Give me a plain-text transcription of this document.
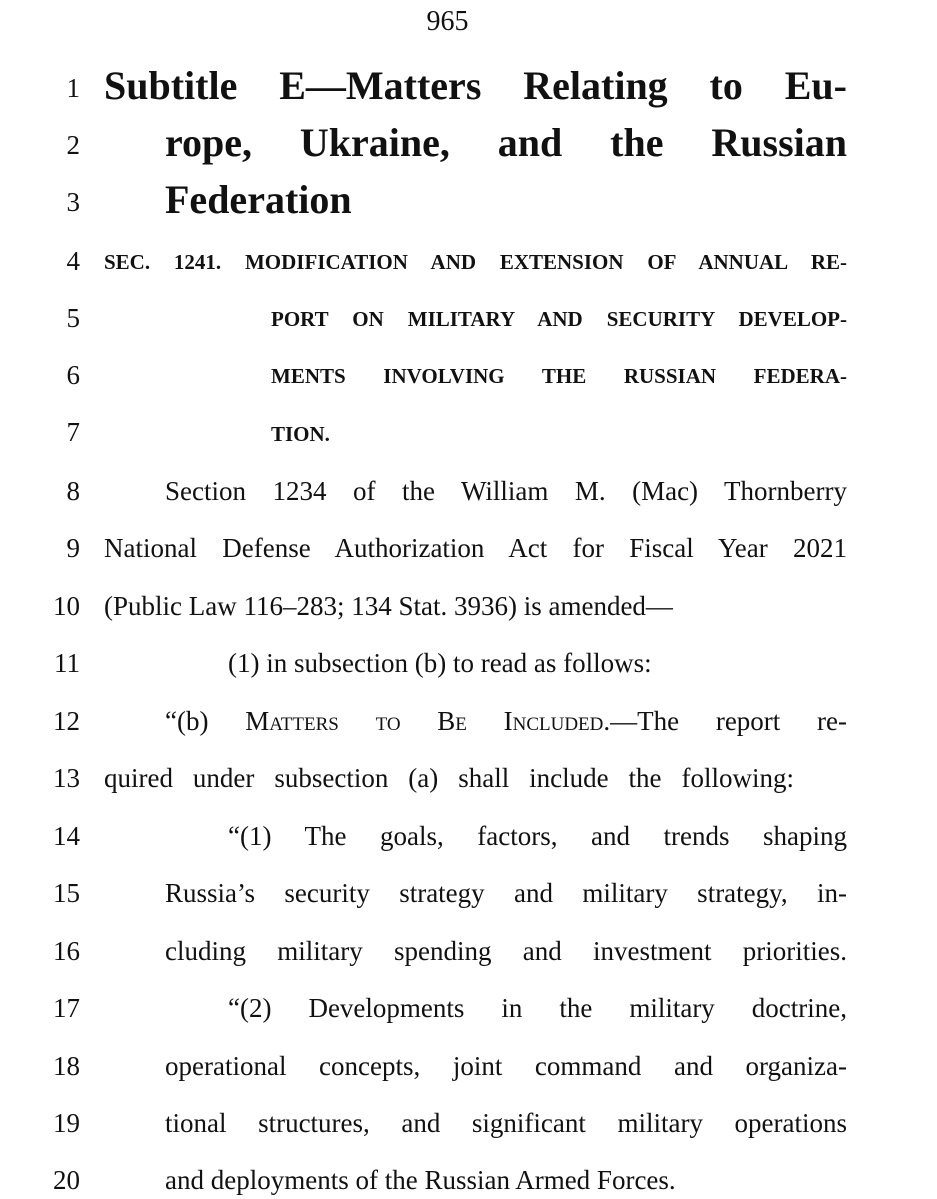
965
1
2
3
4
5
6
7
8
9
10
11
12
13
14
15
16
17
18
19
20
Subtitle E—Matters Relating to Eu-
rope, Ukraine, and the Russian
Federation
SEC. 1241. MODIFICATION AND EXTENSION OF ANNUAL RE-
PORT ON MILITARY AND SECURITY DEVELOP-
MENTS INVOLVING THE RUSSIAN FEDERA-
TION.
Section 1234 of the William M. (Mac) Thornberry
National Defense Authorization Act for Fiscal Year 2021
(Public Law 116–283; 134 Stat. 3936) is amended—
(1) in subsection (b) to read as follows:
“(b) Matters to Be Included.—The report re-
quired under subsection (a) shall include the following:
“(1) The goals, factors, and trends shaping
Russia’s security strategy and military strategy, in-
cluding military spending and investment priorities.
“(2) Developments in the military doctrine,
operational concepts, joint command and organiza-
tional structures, and significant military operations
and deployments of the Russian Armed Forces.
